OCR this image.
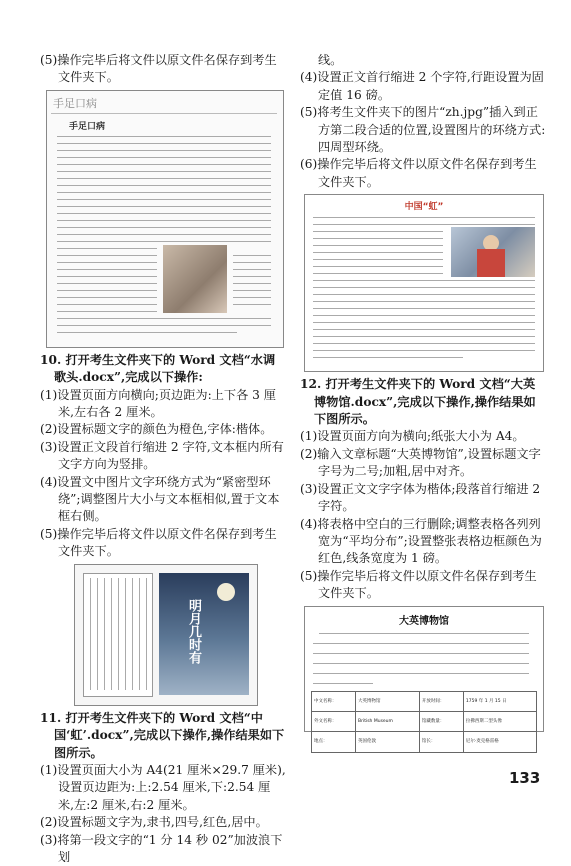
(5)操作完毕后将文件以原文件名保存到考生文件夹下。

手足口病
手足口病

10. 打开考生文件夹下的 Word 文档“水调歌头.docx”,完成以下操作:

(1)设置页面方向横向;页边距为:上下各 3 厘米,左右各 2 厘米。

(2)设置标题文字的颜色为橙色,字体:楷体。

(3)设置正文段首行缩进 2 字符,文本框内所有文字方向为竖排。

(4)设置文中图片文字环绕方式为“紧密型环绕”;调整图片大小与文本框相似,置于文本框右侧。

(5)操作完毕后将文件以原文件名保存到考生文件夹下。

明月几时有

11. 打开考生文件夹下的 Word 文档“中国‘虹’.docx”,完成以下操作,操作结果如下图所示。

(1)设置页面大小为 A4(21 厘米×29.7 厘米),设置页边距为:上:2.54 厘米,下:2.54 厘米,左:2 厘米,右:2 厘米。

(2)设置标题文字为,隶书,四号,红色,居中。

(3)将第一段文字的“1 分 14 秒 02”加波浪下划

线。

(4)设置正文首行缩进 2 个字符,行距设置为固定值 16 磅。

(5)将考生文件夹下的图片“zh.jpg”插入到正方第二段合适的位置,设置图片的环绕方式:四周型环绕。

(6)操作完毕后将文件以原文件名保存到考生文件夹下。

中国“虹”

12. 打开考生文件夹下的 Word 文档“大英博物馆.docx”,完成以下操作,操作结果如下图所示。

(1)设置页面方向为横向;纸张大小为 A4。

(2)输入文章标题“大英博物馆”,设置标题文字字号为二号;加粗,居中对齐。

(3)设置正文文字字体为楷体;段落首行缩进 2 字符。

(4)将表格中空白的三行删除;调整表格各列列宽为“平均分布”;设置整张表格边框颜色为红色,线条宽度为 1 磅。

(5)操作完毕后将文件以原文件名保存到考生文件夹下。

大英博物馆
中文名称：	大英博物馆	开放时间：	1759 年 1 月 15 日
外文名称：	British Museum	馆藏数量：	拉佛西斯二型头像
地点：	英国伦敦	馆长：	尼尔·麦克格雷格
133
